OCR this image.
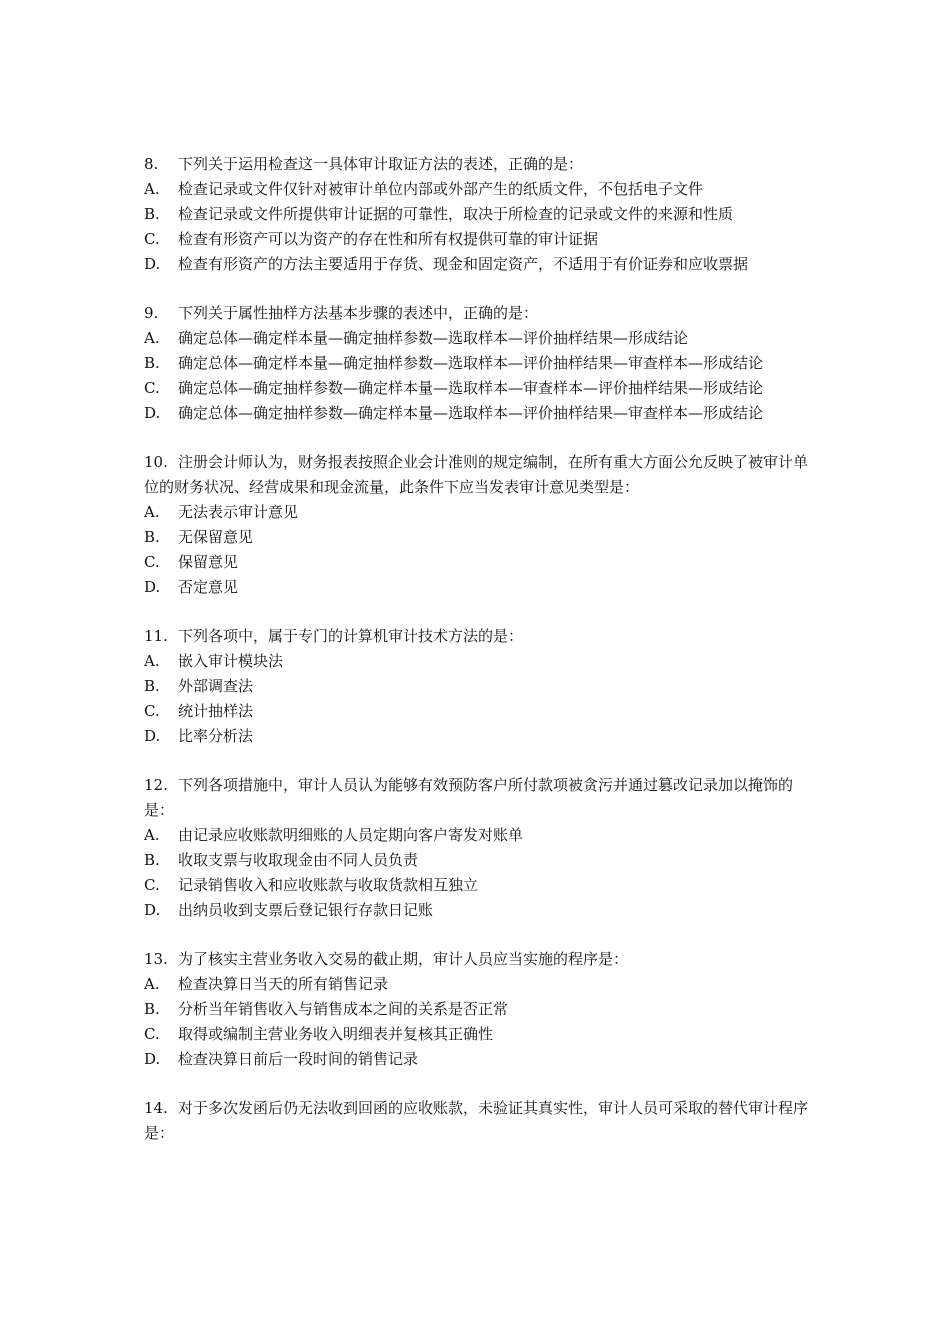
8. 下列关于运用检查这一具体审计取证方法的表述，正确的是：
A. 检查记录或文件仅针对被审计单位内部或外部产生的纸质文件，不包括电子文件
B. 检查记录或文件所提供审计证据的可靠性，取决于所检查的记录或文件的来源和性质
C. 检查有形资产可以为资产的存在性和所有权提供可靠的审计证据
D. 检查有形资产的方法主要适用于存货、现金和固定资产，不适用于有价证券和应收票据
9. 下列关于属性抽样方法基本步骤的表述中，正确的是：
A. 确定总体—确定样本量—确定抽样参数—选取样本—评价抽样结果—形成结论
B. 确定总体—确定样本量—确定抽样参数—选取样本—评价抽样结果—审查样本—形成结论
C. 确定总体—确定抽样参数—确定样本量—选取样本—审查样本—评价抽样结果—形成结论
D. 确定总体—确定抽样参数—确定样本量—选取样本—评价抽样结果—审查样本—形成结论
10. 注册会计师认为，财务报表按照企业会计准则的规定编制，在所有重大方面公允反映了被审计单位的财务状况、经营成果和现金流量，此条件下应当发表审计意见类型是：
A. 无法表示审计意见
B. 无保留意见
C. 保留意见
D. 否定意见
11. 下列各项中，属于专门的计算机审计技术方法的是：
A. 嵌入审计模块法
B. 外部调查法
C. 统计抽样法
D. 比率分析法
12. 下列各项措施中，审计人员认为能够有效预防客户所付款项被贪污并通过篡改记录加以掩饰的是：
A. 由记录应收账款明细账的人员定期向客户寄发对账单
B. 收取支票与收取现金由不同人员负责
C. 记录销售收入和应收账款与收取货款相互独立
D. 出纳员收到支票后登记银行存款日记账
13. 为了核实主营业务收入交易的截止期，审计人员应当实施的程序是：
A. 检查决算日当天的所有销售记录
B. 分析当年销售收入与销售成本之间的关系是否正常
C. 取得或编制主营业务收入明细表并复核其正确性
D. 检查决算日前后一段时间的销售记录
14. 对于多次发函后仍无法收到回函的应收账款，未验证其真实性，审计人员可采取的替代审计程序是：
